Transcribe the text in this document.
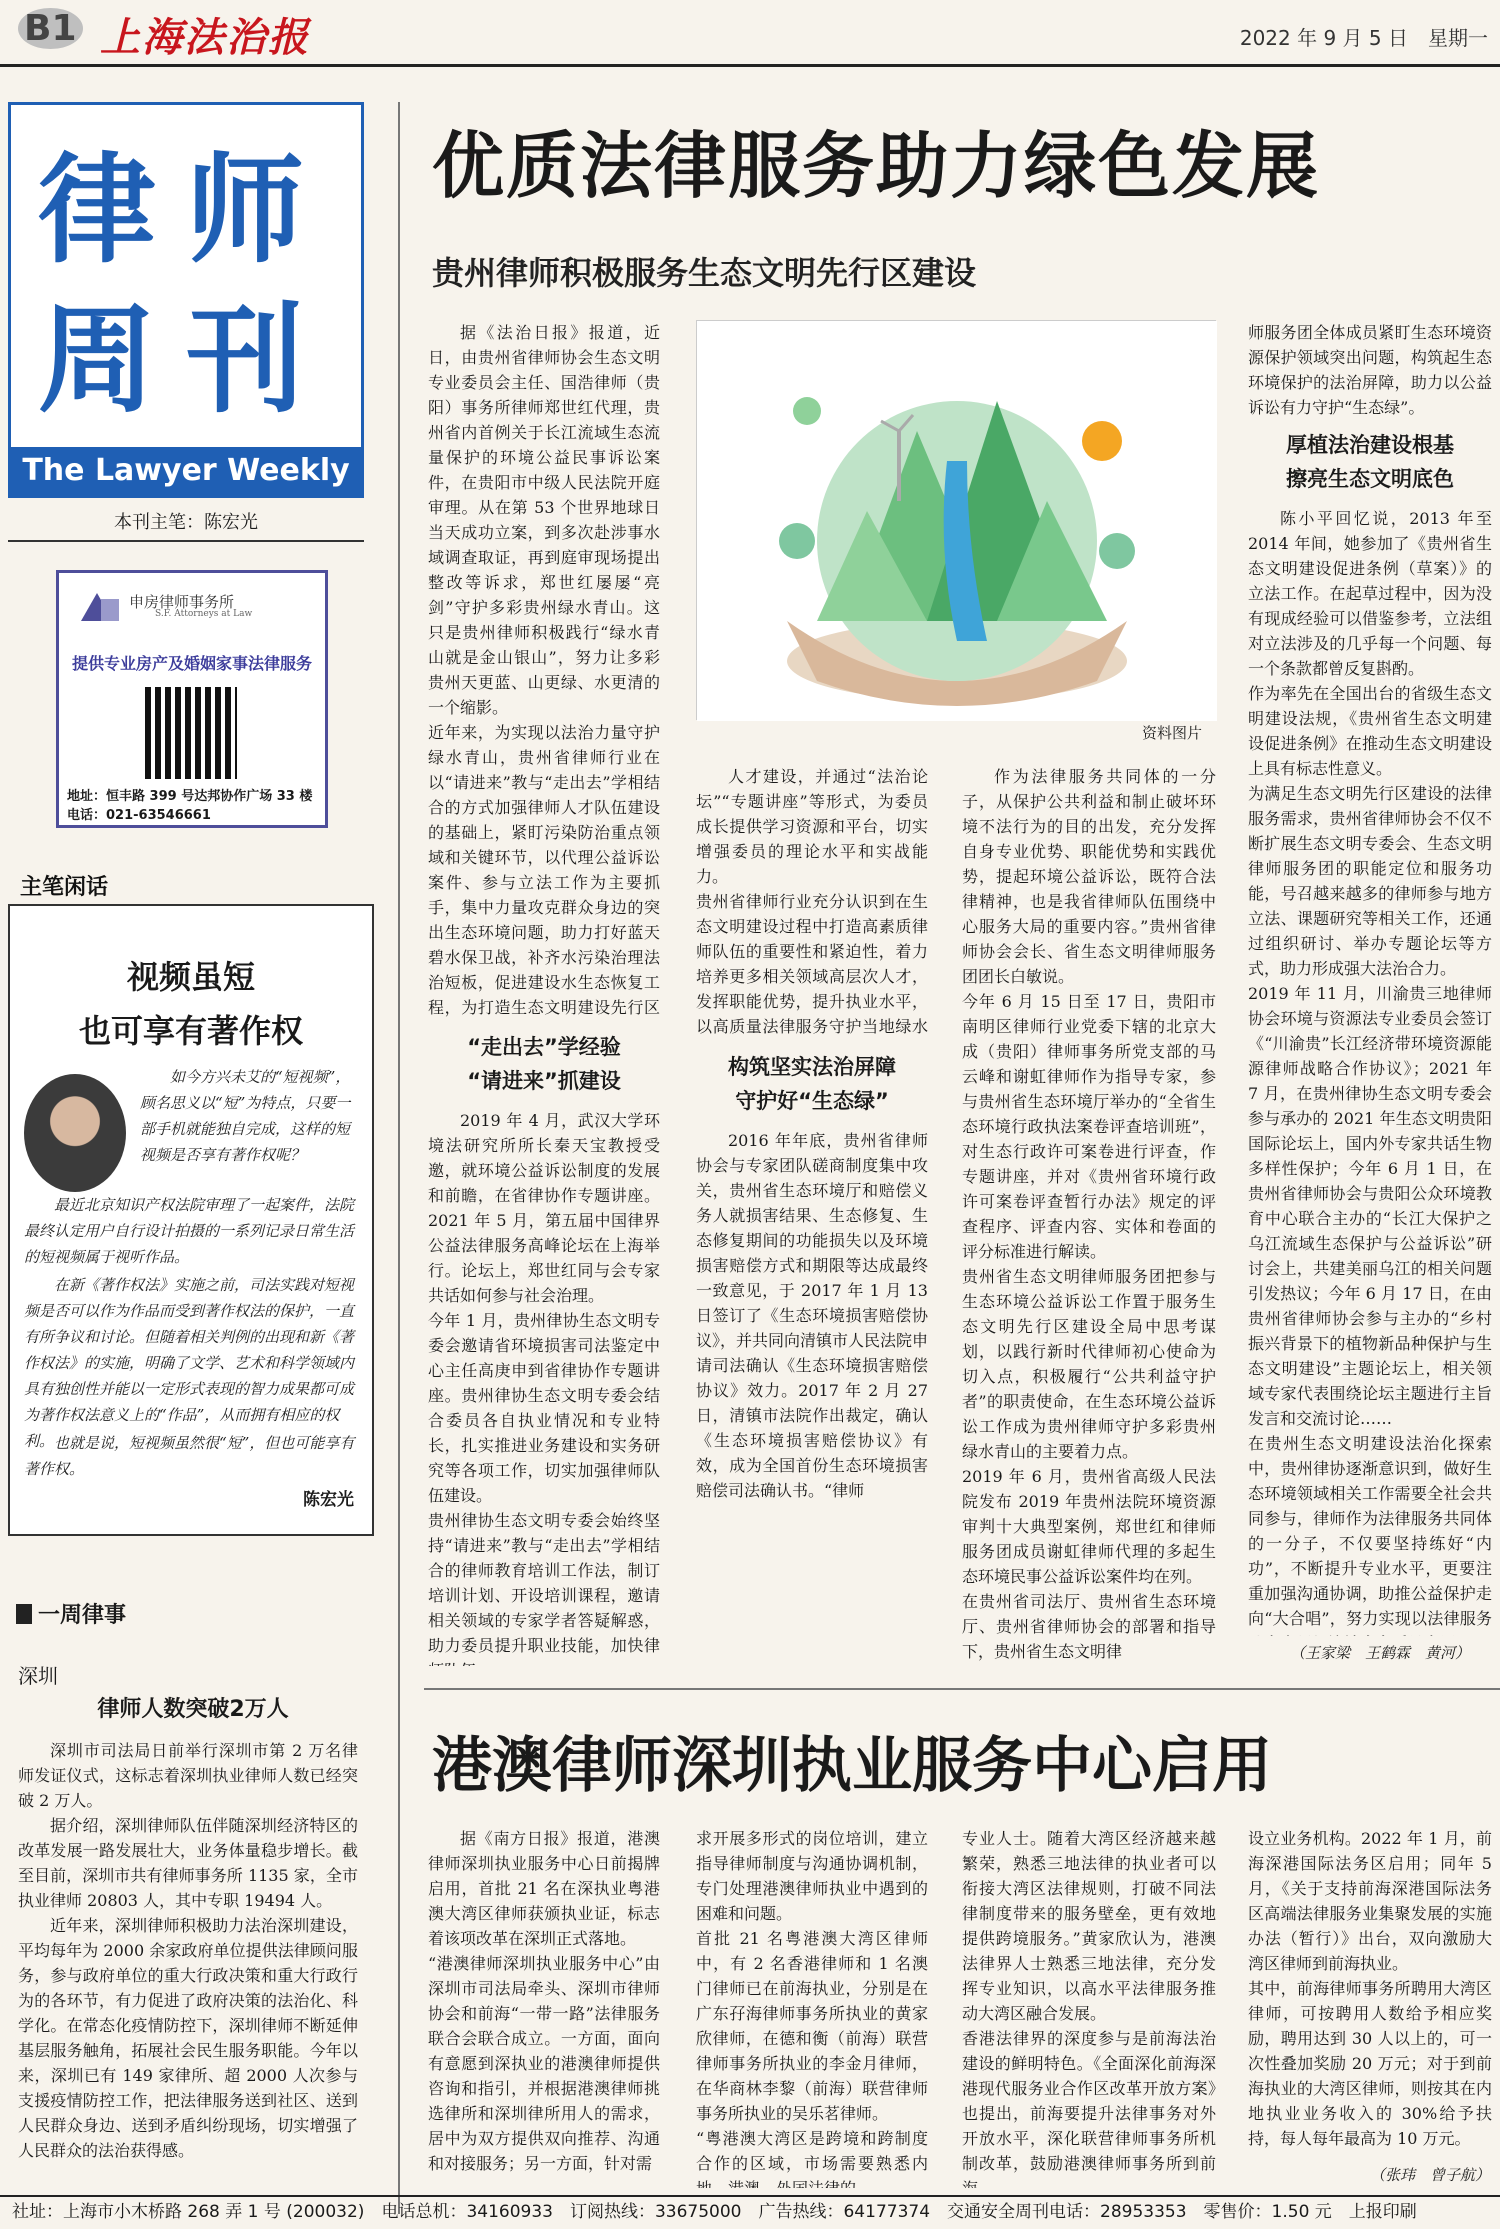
B1 上海法治报	2022 年 9 月 5 日　星期一
律师
周刊
The Lawyer Weekly
本刊主笔：陈宏光
申房律师事务所
S.F. Attorneys at Law
提供专业房产及婚姻家事法律服务
地址：恒丰路 399 号达邦协作广场 33 楼
电话：021-63546661
主笔闲话
视频虽短
也可享有著作权
如今方兴未艾的“短视频”，顾名思义以“短”为特点，只要一部手机就能独自完成，这样的短视频是否享有著作权呢？
最近北京知识产权法院审理了一起案件，法院最终认定用户自行设计拍摄的一系列记录日常生活的短视频属于视听作品。
在新《著作权法》实施之前，司法实践对短视频是否可以作为作品而受到著作权法的保护，一直有所争议和讨论。但随着相关判例的出现和新《著作权法》的实施，明确了文学、艺术和科学领域内具有独创性并能以一定形式表现的智力成果都可成为著作权法意义上的“作品”，从而拥有相应的权利。 也就是说，短视频虽然很“短”，但也可能享有著作权。
陈宏光
一周律事
深圳
律师人数突破2万人

深圳市司法局日前举行深圳市第 2 万名律师发证仪式，这标志着深圳执业律师人数已经突破 2 万人。

据介绍，深圳律师队伍伴随深圳经济特区的改革发展一路发展壮大，业务体量稳步增长。截至目前，深圳市共有律师事务所 1135 家，全市执业律师 20803 人，其中专职 19494 人。

近年来，深圳律师积极助力法治深圳建设，平均每年为 2000 余家政府单位提供法律顾问服务，参与政府单位的重大行政决策和重大行政行为的各环节，有力促进了政府决策的法治化、科学化。在常态化疫情防控下，深圳律师不断延伸基层服务触角，拓展社会民生服务职能。今年以来，深圳已有 149 家律所、超 2000 人次参与支援疫情防控工作，把法律服务送到社区、送到人民群众身边、送到矛盾纠纷现场，切实增强了人民群众的法治获得感。

优质法律服务助力绿色发展
贵州律师积极服务生态文明先行区建设
据《法治日报》报道，近日，由贵州省律师协会生态文明专业委员会主任、国浩律师（贵阳）事务所律师郑世红代理，贵州省内首例关于长江流域生态流量保护的环境公益民事诉讼案件，在贵阳市中级人民法院开庭审理。从在第 53 个世界地球日当天成功立案，到多次赴涉事水域调查取证，再到庭审现场提出整改等诉求，郑世红屡屡“亮剑”守护多彩贵州绿水青山。这只是贵州律师积极践行“绿水青山就是金山银山”，努力让多彩贵州天更蓝、山更绿、水更清的一个缩影。
近年来，为实现以法治力量守护绿水青山，贵州省律师行业在以“请进来”教与“走出去”学相结合的方式加强律师人才队伍建设的基础上，紧盯污染防治重点领域和关键环节，以代理公益诉讼案件、参与立法工作为主要抓手，集中力量攻克群众身边的突出生态环境问题，助力打好蓝天碧水保卫战，补齐水污染治理法治短板，促进建设水生态恢复工程，为打造生态文明建设先行区
“走出去”学经验
“请进来”抓建设
2019 年 4 月，武汉大学环境法研究所所长秦天宝教授受邀，就环境公益诉讼制度的发展和前瞻，在省律协作专题讲座。2021 年 5 月，第五届中国律界公益法律服务高峰论坛在上海举行。论坛上，郑世红同与会专家共话如何参与社会治理。
今年 1 月，贵州律协生态文明专委会邀请省环境损害司法鉴定中心主任高庚申到省律协作专题讲座。贵州律协生态文明专委会结合委员各自执业情况和专业特长，扎实推进业务建设和实务研究等各项工作，切实加强律师队伍建设。
贵州律协生态文明专委会始终坚持“请进来”教与“走出去”学相结合的律师教育培训工作法，制订培训计划、开设培训课程，邀请相关领域的专家学者答疑解惑，助力委员提升职业技能，加快律
资料图片
人才建设，并通过“法治论坛”“专题讲座”等形式，为委员成长提供学习资源和平台，切实增强委员的理论水平和实战能力。
贵州省律师行业充分认识到在生态文明建设过程中打造高素质律师队伍的重要性和紧迫性，着力培养更多相关领域高层次人才，发挥职能优势，提升执业水平，以高质量法律服务守护当地绿水
构筑坚实法治屏障
守护好“生态绿”
2016 年年底，贵州省律师协会与专家团队磋商制度集中攻关，贵州省生态环境厅和赔偿义务人就损害结果、生态修复、生态修复期间的功能损失以及环境损害赔偿方式和期限等达成最终一致意见，于 2017 年 1 月 13 日签订了《生态环境损害赔偿协议》，并共同向清镇市人民法院申请司法确认《生态环境损害赔偿协议》效力。2017 年 2 月 27 日，清镇市法院作出裁定，确认《生态环境损害赔偿协议》有效，成为全国首份生态环境损害赔偿司法确认书。“律师
作为法律服务共同体的一分子，从保护公共利益和制止破坏环境不法行为的目的出发，充分发挥自身专业优势、职能优势和实践优势，提起环境公益诉讼，既符合法律精神，也是我省律师队伍围绕中心服务大局的重要内容。”贵州省律师协会会长、省生态文明律师服务团团长白敏说。
今年 6 月 15 日至 17 日，贵阳市南明区律师行业党委下辖的北京大成（贵阳）律师事务所党支部的马云峰和谢虹律师作为指导专家，参与贵州省生态环境厅举办的“全省生态环境行政执法案卷评查培训班”，对生态行政许可案卷进行评查，作专题讲座，并对《贵州省环境行政许可案卷评查暂行办法》规定的评查程序、评查内容、实体和卷面的评分标准进行解读。
贵州省生态文明律师服务团把参与生态环境公益诉讼工作置于服务生态文明先行区建设全局中思考谋划，以践行新时代律师初心使命为切入点，积极履行“公共利益守护者”的职责使命，在生态环境公益诉讼工作成为贵州律师守护多彩贵州绿水青山的主要着力点。
2019 年 6 月，贵州省高级人民法院发布 2019 年贵州法院环境资源审判十大典型案例，郑世红和律师服务团成员谢虹律师代理的多起生态环境民事公益诉讼案件均在列。
在贵州省司法厅、贵州省生态环境厅、贵州省律师协会的部署和指导下，贵州省生态文明律
师服务团全体成员紧盯生态环境资源保护领域突出问题，构筑起生态环境保护的法治屏障，助力以公益诉讼有力守护“生态绿”。
厚植法治建设根基
擦亮生态文明底色
陈小平回忆说，2013 年至 2014 年间，她参加了《贵州省生态文明建设促进条例（草案）》的立法工作。在起草过程中，因为没有现成经验可以借鉴参考，立法组对立法涉及的几乎每一个问题、每一个条款都曾反复斟酌。
作为率先在全国出台的省级生态文明建设法规，《贵州省生态文明建设促进条例》在推动生态文明建设上具有标志性意义。
为满足生态文明先行区建设的法律服务需求，贵州省律师协会不仅不断扩展生态文明专委会、生态文明律师服务团的职能定位和服务功能，号召越来越多的律师参与地方立法、课题研究等相关工作，还通过组织研讨、举办专题论坛等方式，助力形成强大法治合力。
2019 年 11 月，川渝贵三地律师协会环境与资源法专业委员会签订《“川渝贵”长江经济带环境资源能源律师战略合作协议》；2021 年 7 月，在贵州律协生态文明专委会参与承办的 2021 年生态文明贵阳国际论坛上，国内外专家共话生物多样性保护；今年 6 月 1 日，在贵州省律师协会与贵阳公众环境教育中心联合主办的“长江大保护之乌江流域生态保护与公益诉讼”研讨会上，共建美丽乌江的相关问题引发热议；今年 6 月 17 日，在由贵州省律师协会参与主办的“乡村振兴背景下的植物新品种保护与生态文明建设”主题论坛上，相关领域专家代表围绕论坛主题进行主旨发言和交流讨论……
在贵州生态文明建设法治化探索中，贵州律协逐渐意识到，做好生态环境领域相关工作需要全社会共同参与，律师作为法律服务共同体的一分子，不仅要坚持练好“内功”，不断提升专业水平，更要注重加强沟通协调，助推公益保护走向“大合唱”，努力实现以法律服务
（王家梁　王鹤霖　黄河）
港澳律师深圳执业服务中心启用
据《南方日报》报道，港澳律师深圳执业服务中心日前揭牌启用，首批 21 名在深执业粤港澳大湾区律师获颁执业证，标志着该项改革在深圳正式落地。
“港澳律师深圳执业服务中心”由深圳市司法局牵头、深圳市律师协会和前海“一带一路”法律服务联合会联合成立。一方面，面向有意愿到深执业的港澳律师提供咨询和指引，并根据港澳律师挑选律所和深圳律所用人的需求，居中为双方提供双向推荐、沟通和对接服务；另一方面，针对需
求开展多形式的岗位培训，建立指导律师制度与沟通协调机制，专门处理港澳律师执业中遇到的困难和问题。
首批 21 名粤港澳大湾区律师中，有 2 名香港律师和 1 名澳门律师已在前海执业，分别是在广东孖海律师事务所执业的黄家欣律师，在德和衡（前海）联营律师事务所执业的李金月律师，在华商林李黎（前海）联营律师事务所执业的吴乐茗律师。
“粤港澳大湾区是跨境和跨制度合作的区域，市场需要熟悉内
专业人士。随着大湾区经济越来越繁荣，熟悉三地法律的执业者可以衔接大湾区法律规则，打破不同法律制度带来的服务壁垒，更有效地提供跨境服务。”黄家欣认为，港澳法律界人士熟悉三地法律，充分发挥专业知识，以高水平法律服务推动大湾区融合发展。
香港法律界的深度参与是前海法治建设的鲜明特色。《全面深化前海深港现代服务业合作区改革开放方案》也提出，前海要提升法律事务对外开放水平，深化联营律师事务所机制改革，鼓励港澳律师事务所到前
设立业务机构。2022 年 1 月，前海深港国际法务区启用；同年 5 月，《关于支持前海深港国际法务区高端法律服务业集聚发展的实施办法（暂行）》出台，双向激励大湾区律师到前海执业。
其中，前海律师事务所聘用大湾区律师，可按聘用人数给予相应奖励，聘用达到 30 人以上的，可一次性叠加奖励 20 万元；对于到前海执业的大湾区律师，则按其在内地执业业务收入的 30%给予扶持，每人每年最高为 10 万元。
（张玮　曾子航）
社址：上海市小木桥路 268 弄 1 号 (200032)　电话总机：34160933　订阅热线：33675000　广告热线：64177374　交通安全周刊电话：28953353　零售价：1.50 元　上报印刷
